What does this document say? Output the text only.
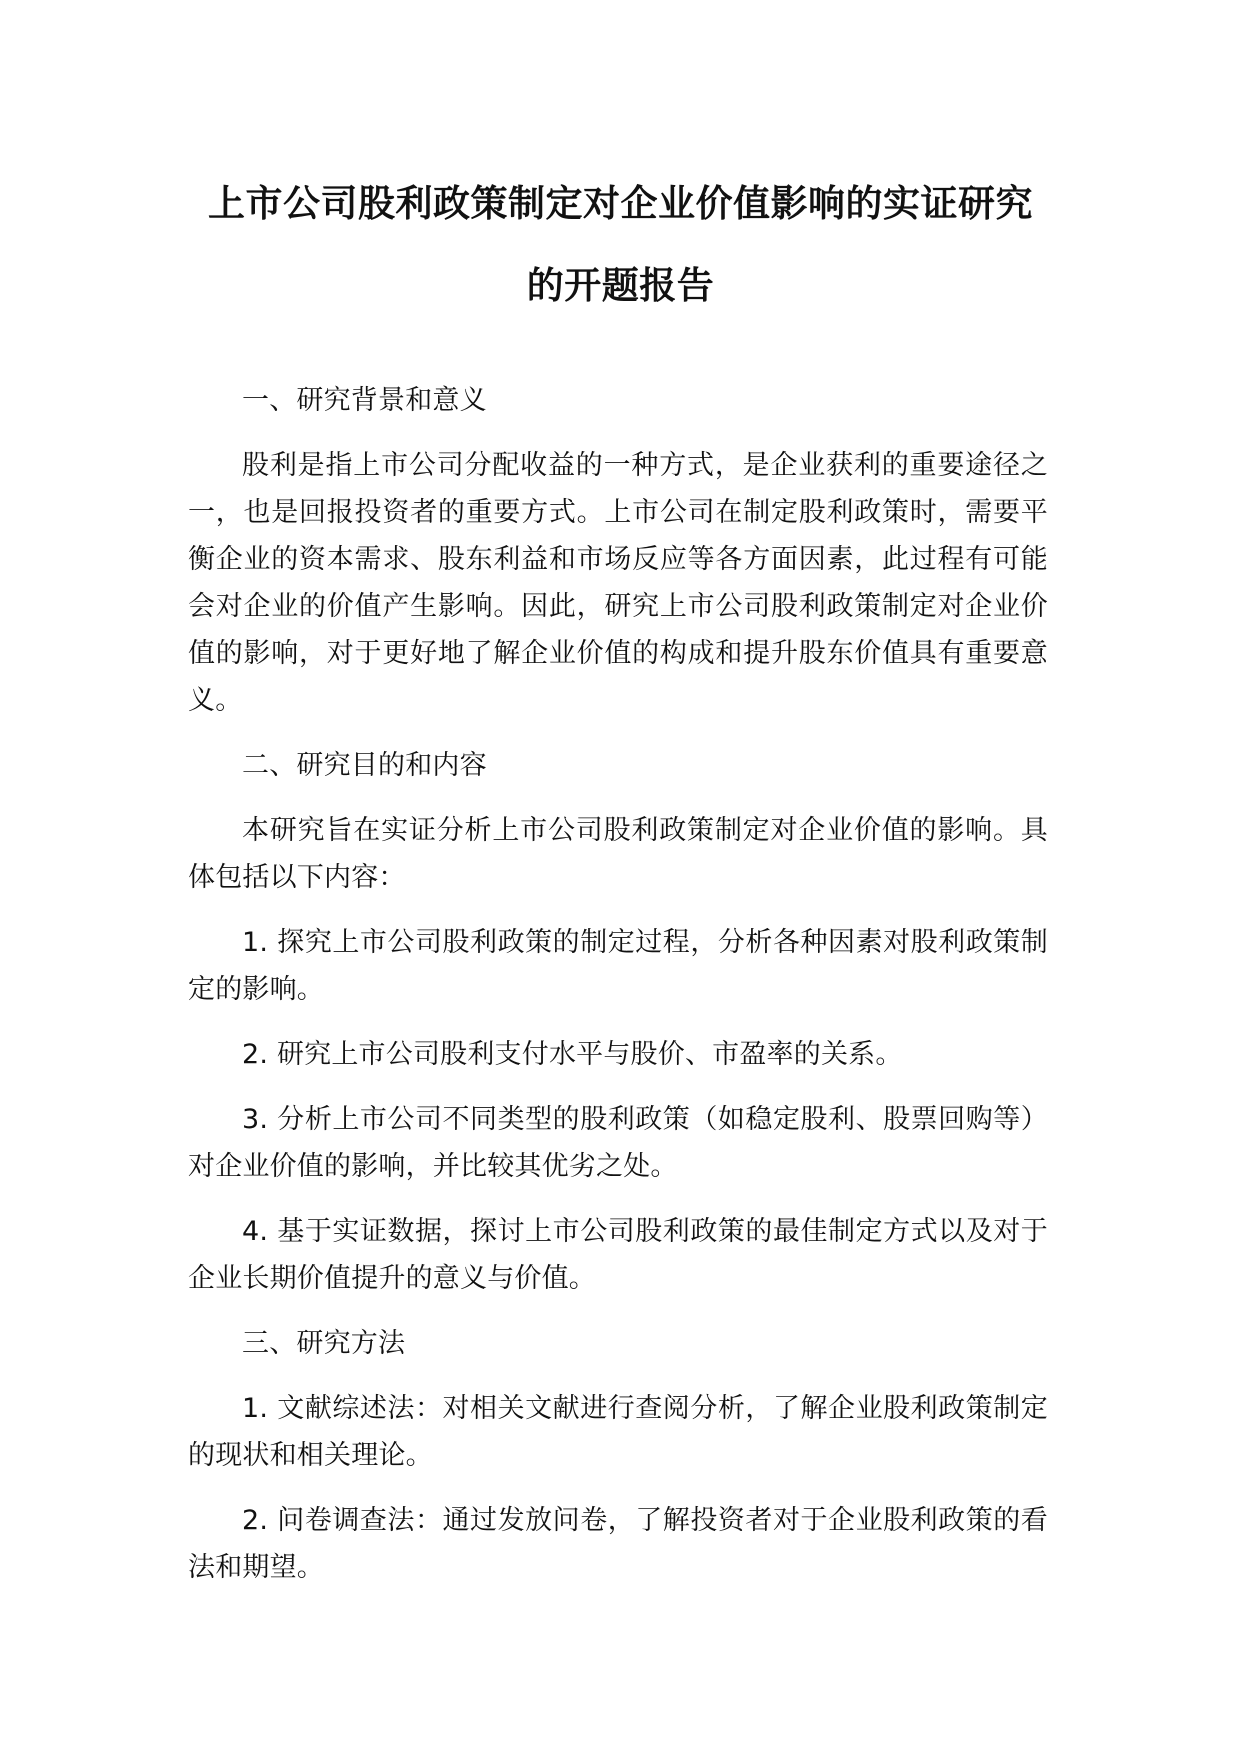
上市公司股利政策制定对企业价值影响的实证研究
的开题报告

一、研究背景和意义

股利是指上市公司分配收益的一种方式，是企业获利的重要途径之一，也是回报投资者的重要方式。上市公司在制定股利政策时，需要平衡企业的资本需求、股东利益和市场反应等各方面因素，此过程有可能会对企业的价值产生影响。因此，研究上市公司股利政策制定对企业价值的影响，对于更好地了解企业价值的构成和提升股东价值具有重要意义。

二、研究目的和内容

本研究旨在实证分析上市公司股利政策制定对企业价值的影响。具体包括以下内容：

1. 探究上市公司股利政策的制定过程，分析各种因素对股利政策制定的影响。

2. 研究上市公司股利支付水平与股价、市盈率的关系。

3. 分析上市公司不同类型的股利政策（如稳定股利、股票回购等）对企业价值的影响，并比较其优劣之处。

4. 基于实证数据，探讨上市公司股利政策的最佳制定方式以及对于企业长期价值提升的意义与价值。

三、研究方法

1. 文献综述法：对相关文献进行查阅分析，了解企业股利政策制定的现状和相关理论。

2. 问卷调查法：通过发放问卷，了解投资者对于企业股利政策的看法和期望。
